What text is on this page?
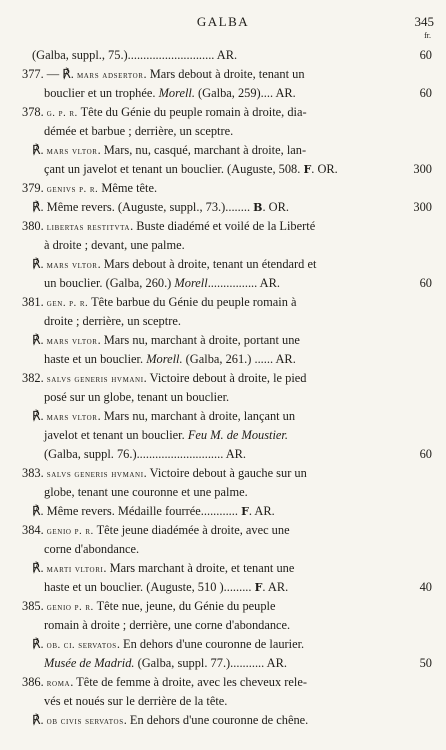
GALBA	345
fr.
(Galba, suppl., 75.)............................ AR.	60
377. — ℟. mars adsertor. Mars debout à droite, tenant un
bouclier et un trophée. Morell. (Galba, 259).... AR.	60
378. g. p. r. Tête du Génie du peuple romain à droite, dia-
démée et barbue ; derrière, un sceptre.
℟. mars vltor. Mars, nu, casqué, marchant à droite, lan-
çant un javelot et tenant un bouclier. (Auguste, 508. F. OR.	300
379. genivs p. r. Même tête.
℟. Même revers. (Auguste, suppl., 73.)........ B. OR.	300
380. libertas restitvta. Buste diadémé et voilé de la Liberté
à droite ; devant, une palme.
℟. mars vltor. Mars debout à droite, tenant un étendard et
un bouclier. (Galba, 260.) Morell................ AR.	60
381. gen. p. r. Tête barbue du Génie du peuple romain à
droite ; derrière, un sceptre.
℟. mars vltor. Mars nu, marchant à droite, portant une
haste et un bouclier. Morell. (Galba, 261.) ...... AR.
382. salvs generis hvmani. Victoire debout à droite, le pied
posé sur un globe, tenant un bouclier.
℟. mars vltor. Mars nu, marchant à droite, lançant un
javelot et tenant un bouclier. Feu M. de Moustier.
(Galba, suppl. 76.)............................ AR.	60
383. salvs generis hvmani. Victoire debout à gauche sur un
globe, tenant une couronne et une palme.
℟. Même revers. Médaille fourrée............ F. AR.
384. genio p. r. Tête jeune diadémée à droite, avec une
corne d'abondance.
℟. marti vltori. Mars marchant à droite, et tenant une
haste et un bouclier. (Auguste, 510 )......... F. AR.	40
385. genio p. r. Tête nue, jeune, du Génie du peuple
romain à droite ; derrière, une corne d'abondance.
℟. ob. ci. servatos. En dehors d'une couronne de laurier.
Musée de Madrid. (Galba, suppl. 77.)........... AR.	50
386. roma. Tête de femme à droite, avec les cheveux rele-
vés et noués sur le derrière de la tête.
℟. ob civis servatos. En dehors d'une couronne de chêne.
